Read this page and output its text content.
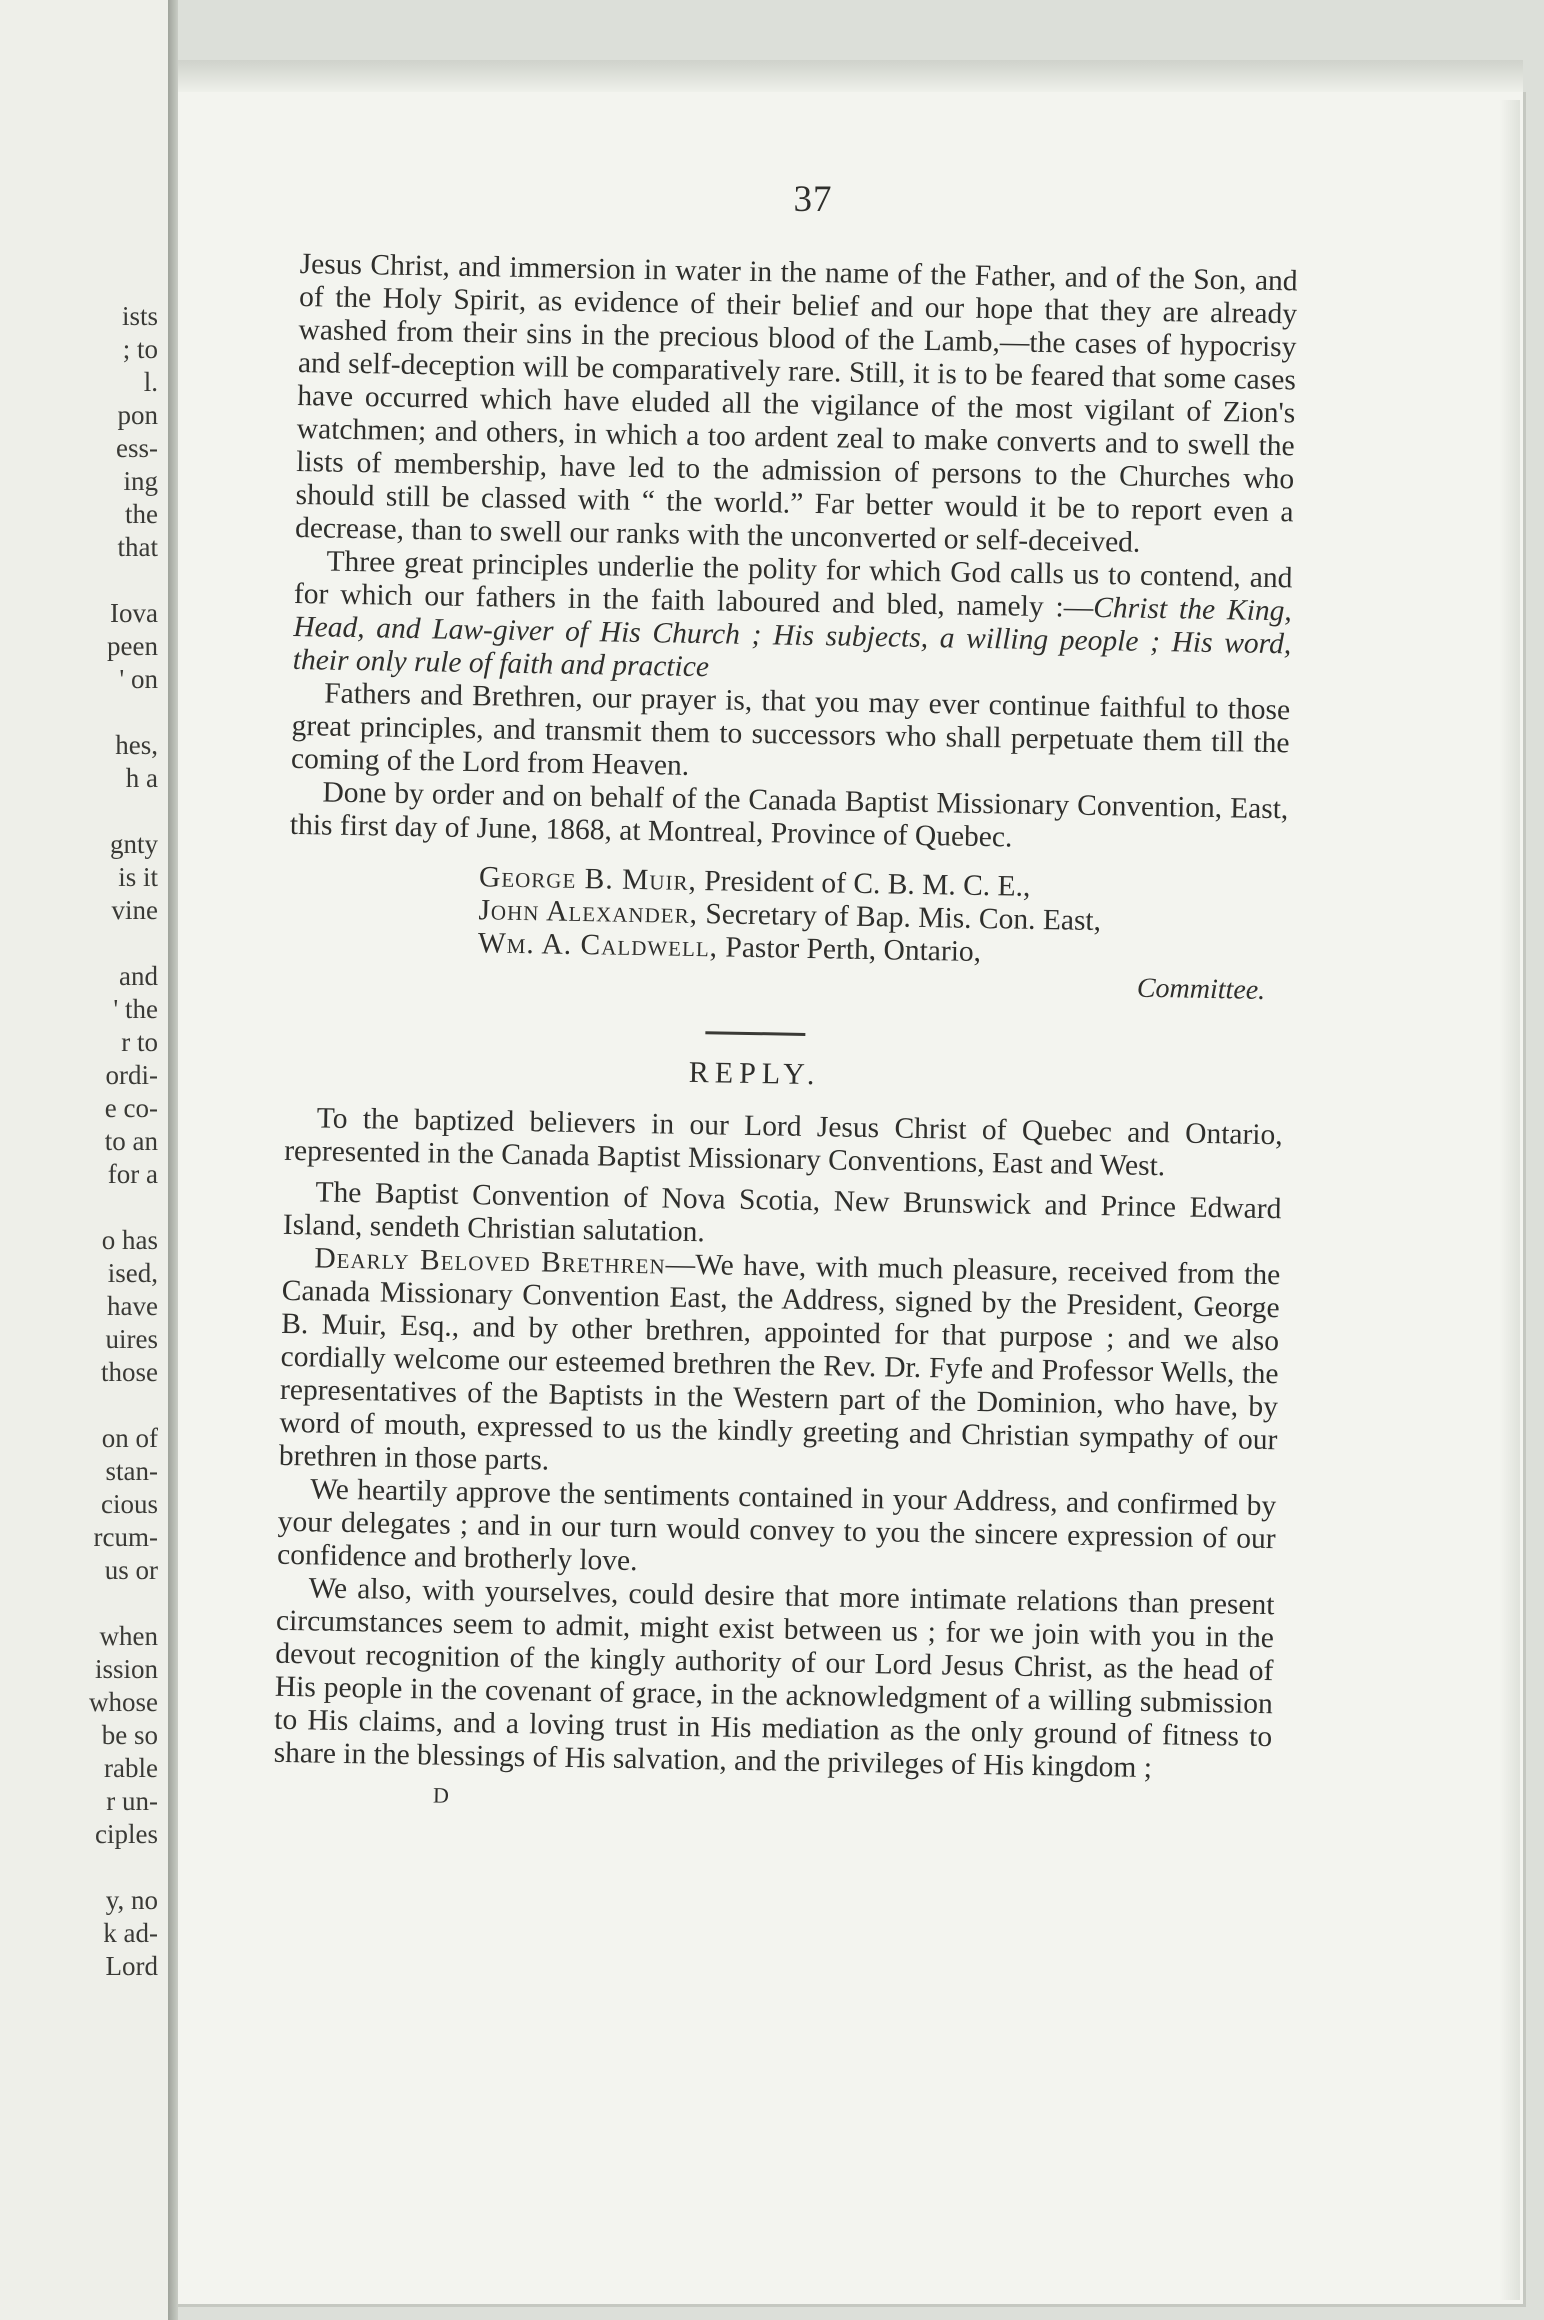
ists
; to
l.
pon
ess-
ing
the
that
Iova
peen
' on
hes,
h a
gnty
is it
vine
and
' the
r to
ordi-
e co-
to an
for a
o has
ised,
have
uires
those
on of
stan-
cious
rcum-
us or
when
ission
whose
be so
rable
r un-
ciples
y, no
k ad-
Lord
37

Jesus Christ, and immersion in water in the name of the Father, and of the Son, and of the Holy Spirit, as evidence of their belief and our hope that they are already washed from their sins in the precious blood of the Lamb,—the cases of hypocrisy and self-deception will be comparatively rare. Still, it is to be feared that some cases have occurred which have eluded all the vigilance of the most vigilant of Zion's watchmen; and others, in which a too ardent zeal to make converts and to swell the lists of membership, have led to the admission of persons to the Churches who should still be classed with “ the world.” Far better would it be to report even a decrease, than to swell our ranks with the unconverted or self-deceived.

Three great principles underlie the polity for which God calls us to contend, and for which our fathers in the faith laboured and bled, namely :—Christ the King, Head, and Law-giver of His Church ; His subjects, a willing people ; His word, their only rule of faith and practice

Fathers and Brethren, our prayer is, that you may ever continue faithful to those great principles, and transmit them to successors who shall perpetuate them till the coming of the Lord from Heaven.

Done by order and on behalf of the Canada Baptist Missionary Convention, East, this first day of June, 1868, at Montreal, Province of Quebec.

George B. Muir, President of C. B. M. C. E.,
John Alexander, Secretary of Bap. Mis. Con. East,
Wm. A. Caldwell, Pastor Perth, Ontario,
Committee.
REPLY.

To the baptized believers in our Lord Jesus Christ of Quebec and Ontario, represented in the Canada Baptist Missionary Conventions, East and West.

The Baptist Convention of Nova Scotia, New Brunswick and Prince Edward Island, sendeth Christian salutation.

Dearly Beloved Brethren—We have, with much pleasure, received from the Canada Missionary Convention East, the Address, signed by the President, George B. Muir, Esq., and by other brethren, appointed for that purpose ; and we also cordially welcome our esteemed brethren the Rev. Dr. Fyfe and Professor Wells, the representatives of the Baptists in the Western part of the Dominion, who have, by word of mouth, expressed to us the kindly greeting and Christian sympathy of our brethren in those parts.

We heartily approve the sentiments contained in your Address, and confirmed by your delegates ; and in our turn would convey to you the sincere expression of our confidence and brotherly love.

We also, with yourselves, could desire that more intimate relations than present circumstances seem to admit, might exist between us ; for we join with you in the devout recognition of the kingly authority of our Lord Jesus Christ, as the head of His people in the covenant of grace, in the acknowledgment of a willing submission to His claims, and a loving trust in His mediation as the only ground of fitness to share in the blessings of His salvation, and the privileges of His kingdom ;

D
